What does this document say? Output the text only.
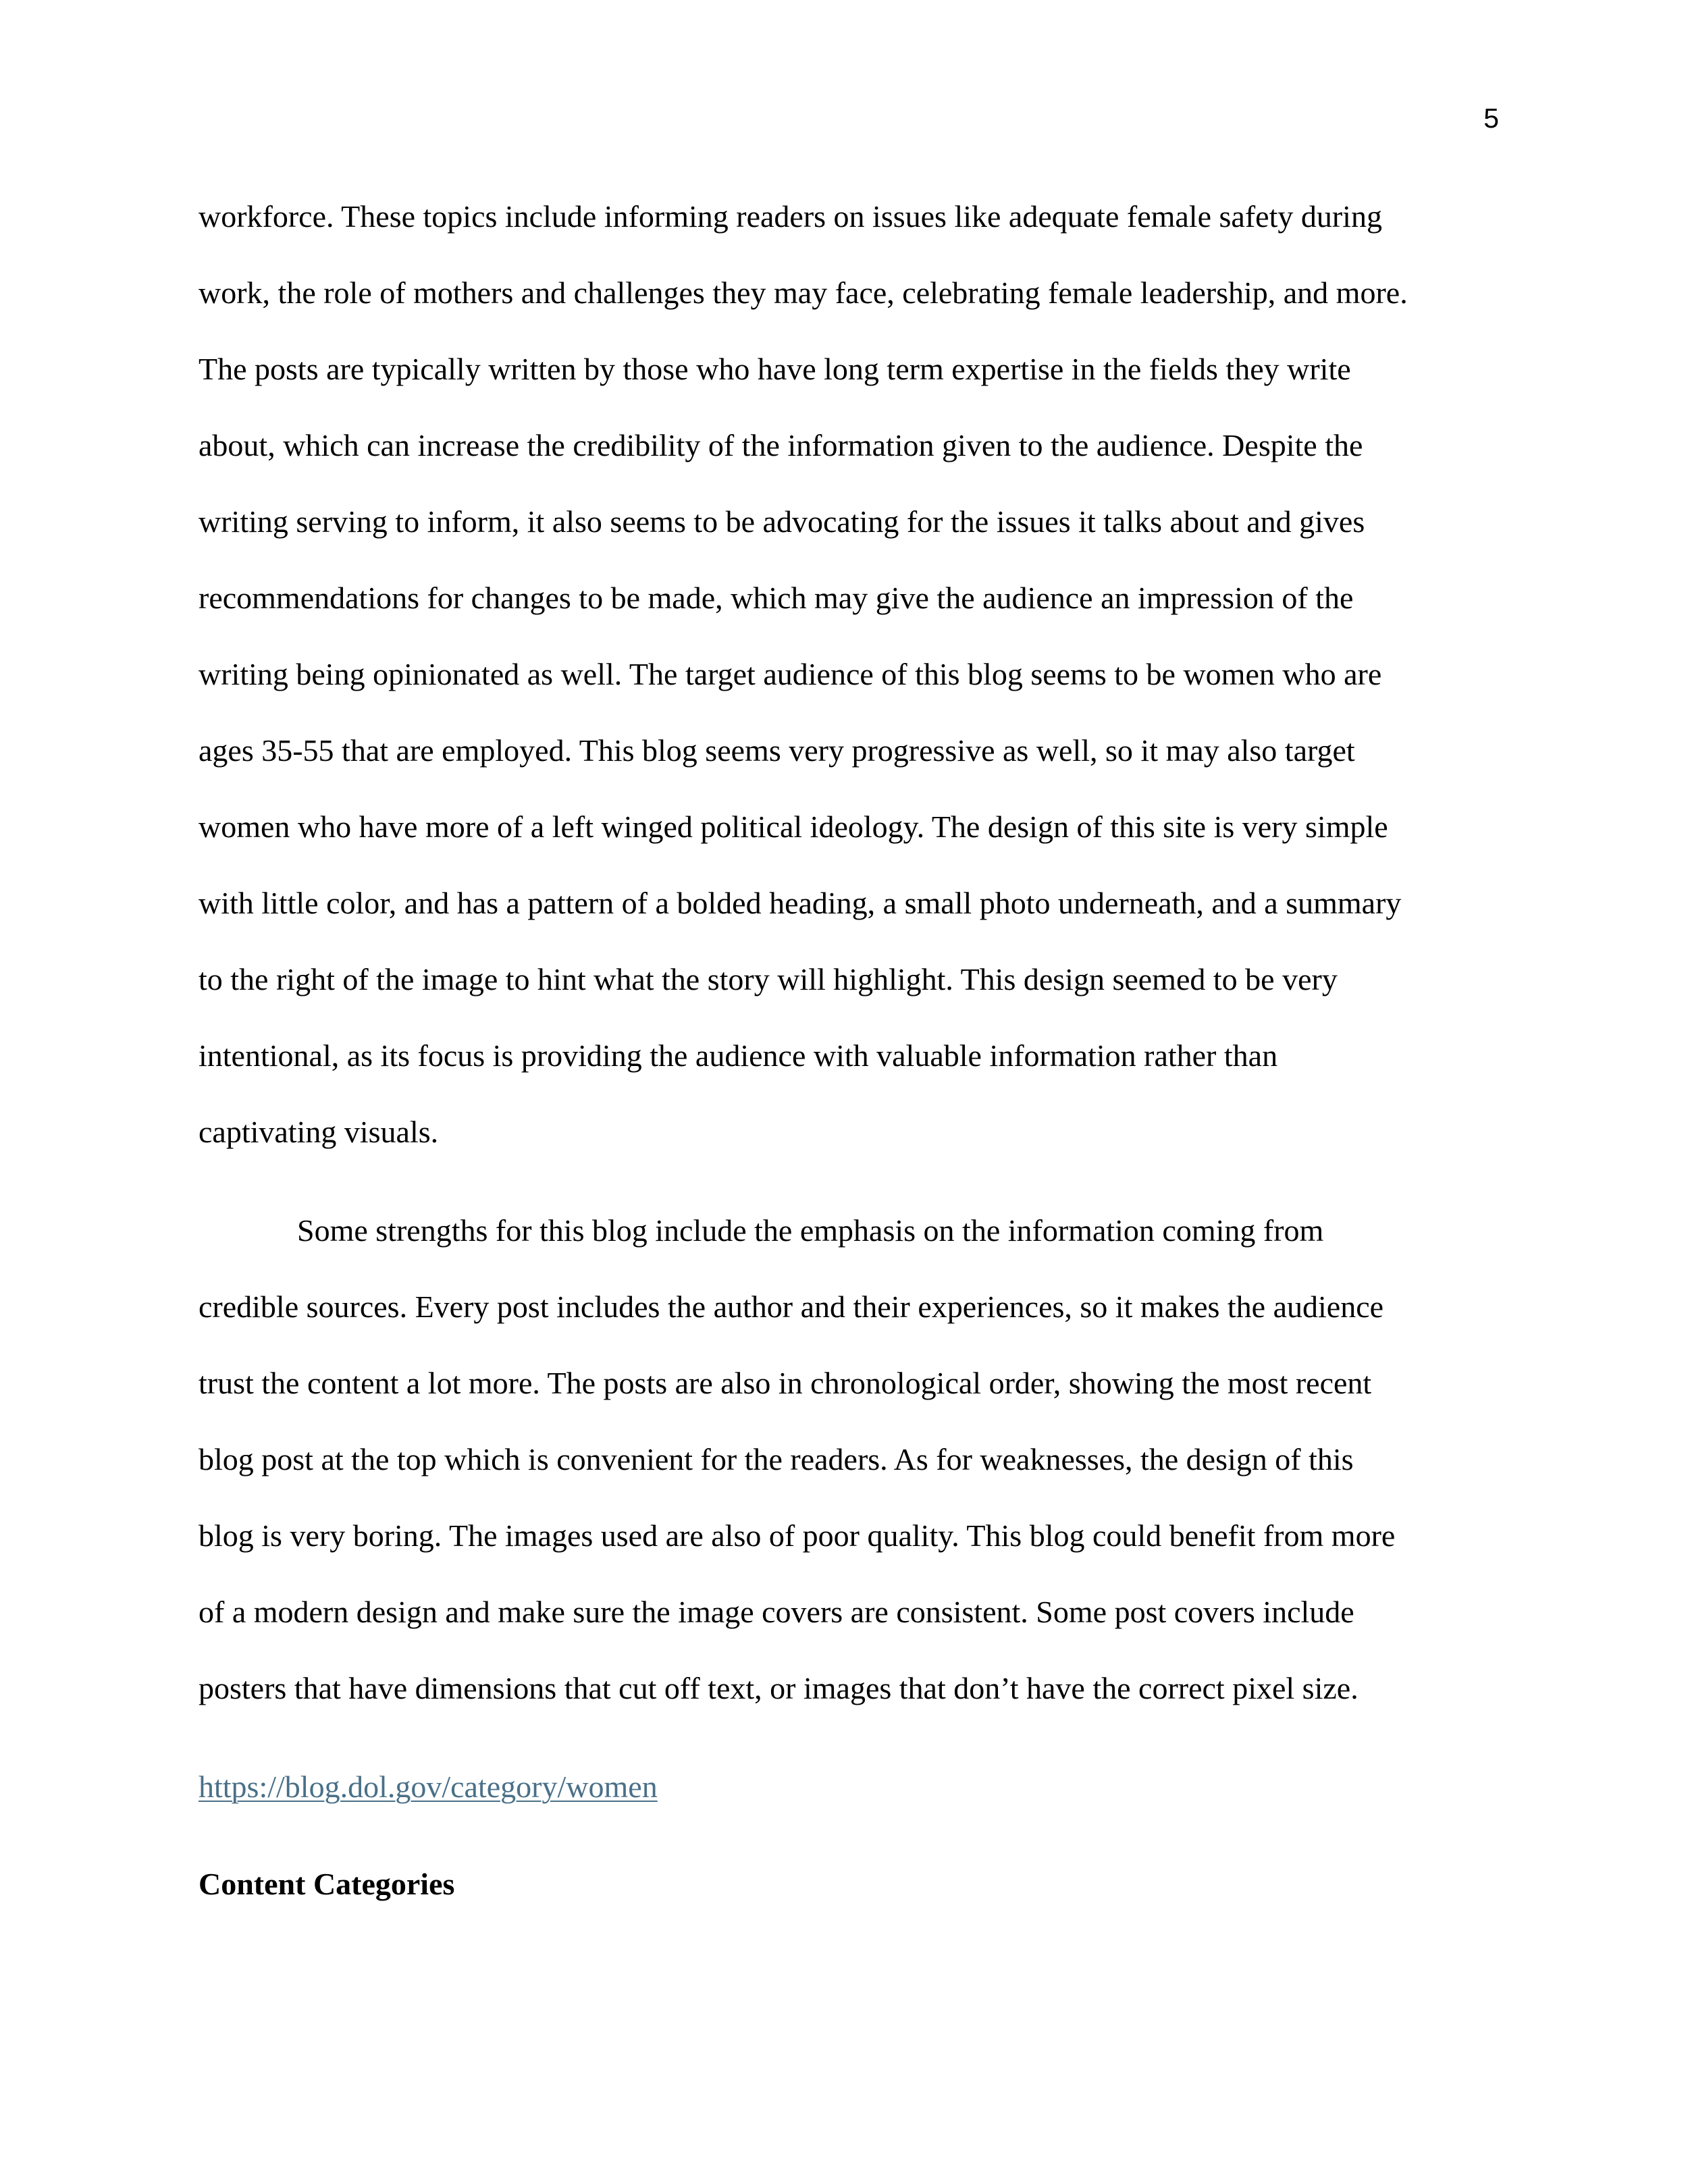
5
workforce. These topics include informing readers on issues like adequate female safety during
work, the role of mothers and challenges they may face, celebrating female leadership, and more.
The posts are typically written by those who have long term expertise in the fields they write
about, which can increase the credibility of the information given to the audience. Despite the
writing serving to inform, it also seems to be advocating for the issues it talks about and gives
recommendations for changes to be made, which may give the audience an impression of the
writing being opinionated as well. The target audience of this blog seems to be women who are
ages 35-55 that are employed. This blog seems very progressive as well, so it may also target
women who have more of a left winged political ideology. The design of this site is very simple
with little color, and has a pattern of a bolded heading, a small photo underneath, and a summary
to the right of the image to hint what the story will highlight. This design seemed to be very
intentional, as its focus is providing the audience with valuable information rather than
captivating visuals.
Some strengths for this blog include the emphasis on the information coming from
credible sources. Every post includes the author and their experiences, so it makes the audience
trust the content a lot more. The posts are also in chronological order, showing the most recent
blog post at the top which is convenient for the readers. As for weaknesses, the design of this
blog is very boring. The images used are also of poor quality. This blog could benefit from more
of a modern design and make sure the image covers are consistent. Some post covers include
posters that have dimensions that cut off text, or images that don’t have the correct pixel size.
https://blog.dol.gov/category/women
Content Categories
